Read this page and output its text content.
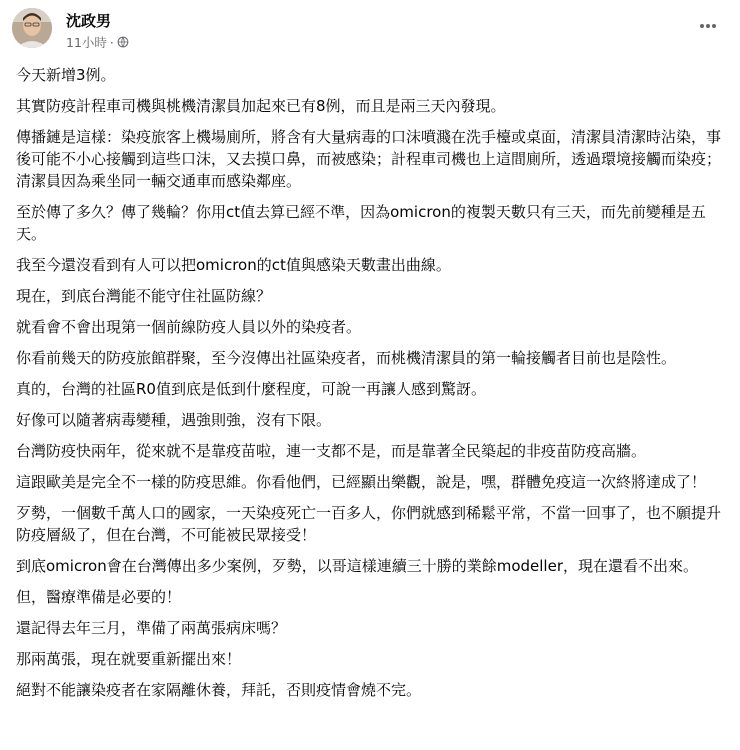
沈政男
11小時 ·

今天新增3例。

其實防疫計程車司機與桃機清潔員加起來已有8例，而且是兩三天內發現。

傳播鏈是這樣：染疫旅客上機場廁所，將含有大量病毒的口沫噴濺在洗手檯或桌面，清潔員清潔時沾染，事後可能不小心接觸到這些口沫，又去摸口鼻，而被感染；計程車司機也上這間廁所，透過環境接觸而染疫；清潔員因為乘坐同一輛交通車而感染鄰座。

至於傳了多久？傳了幾輪？你用ct值去算已經不準，因為omicron的複製天數只有三天，而先前變種是五天。

我至今還沒看到有人可以把omicron的ct值與感染天數畫出曲線。

現在，到底台灣能不能守住社區防線？

就看會不會出現第一個前線防疫人員以外的染疫者。

你看前幾天的防疫旅館群聚，至今沒傳出社區染疫者，而桃機清潔員的第一輪接觸者目前也是陰性。

真的，台灣的社區R0值到底是低到什麼程度，可說一再讓人感到驚訝。

好像可以隨著病毒變種，遇強則強，沒有下限。

台灣防疫快兩年，從來就不是靠疫苗啦，連一支都不是，而是靠著全民築起的非疫苗防疫高牆。

這跟歐美是完全不一樣的防疫思維。你看他們，已經顯出樂觀，說是，嘿，群體免疫這一次終將達成了！

歹勢，一個數千萬人口的國家，一天染疫死亡一百多人，你們就感到稀鬆平常，不當一回事了，也不願提升防疫層級了，但在台灣，不可能被民眾接受！

到底omicron會在台灣傳出多少案例，歹勢，以哥這樣連續三十勝的業餘modeller，現在還看不出來。

但，醫療準備是必要的！

還記得去年三月，準備了兩萬張病床嗎？

那兩萬張，現在就要重新擺出來！

絕對不能讓染疫者在家隔離休養，拜託，否則疫情會燒不完。
